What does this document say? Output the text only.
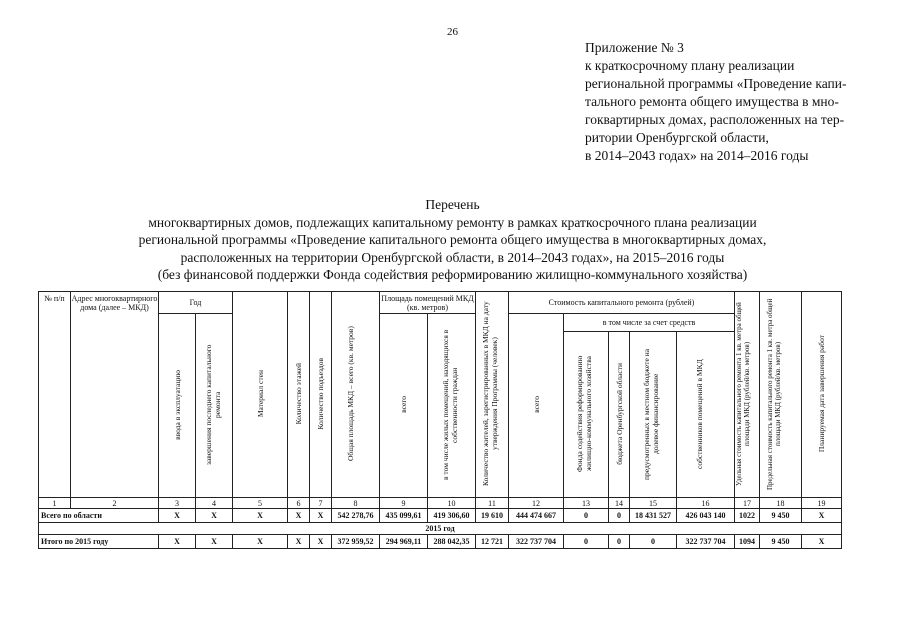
26
Приложение № 3
к краткосрочному плану реализации
региональной программы «Проведение капи-
тального ремонта общего имущества в мно-
гоквартирных домах, расположенных на тер-
ритории Оренбургской области,
в 2014–2043 годах» на 2014–2016 годы
Перечень
многоквартирных домов, подлежащих капитальному ремонту в рамках краткосрочного плана реализации
региональной программы «Проведение капитального ремонта общего имущества в многоквартирных домах,
расположенных на территории Оренбургской области, в 2014–2043 годах», на 2015–2016 годы
(без финансовой поддержки Фонда содействия реформированию жилищно-коммунального хозяйства)
№ п/п	Адрес многоквартирного дома (далее – МКД)	Год		Материал стен	Количество этажей	Количество подъездов	Общая площадь МКД – всего (кв. метров)	Площадь помещений МКД (кв. метров)		Количество жителей, зарегистрированных в МКД на дату утверждения Программы (человек)	Стоимость капитального ремонта (рублей)					Удельная стоимость капитального ремонта 1 кв. метра общей площади МКД (рублей/кв. метров)	Предельная стоимость капитального ремонта 1 кв. метра общей площади МКД (рублей/кв. метров)	Планируемая дата завершения работ
		ввода в эксплуатацию	завершения последнего капитального ремонта					всего	в том числе жилых помещений, находящихся в собственности граждан		всего	в том числе за счет средств						
												Фонда содействия реформированию жилищно-коммунального хозяйства	бюджета Оренбургской области	предусмотренных в местном бюджете на долевое финансирование	собственников помещений в МКД			
1	2	3	4	5	6	7	8	9	10	11	12	13	14	15	16	17	18	19
Всего по области		Х	Х	Х	Х	Х	542 278,76	435 099,61	419 306,60	19 610	444 474 667	0	0	18 431 527	426 043 140	1022	9 450	Х
2015 год																		
Итого по 2015 году		Х	Х	Х	Х	Х	372 959,52	294 969,11	288 042,35	12 721	322 737 704	0	0	0	322 737 704	1094	9 450	Х
